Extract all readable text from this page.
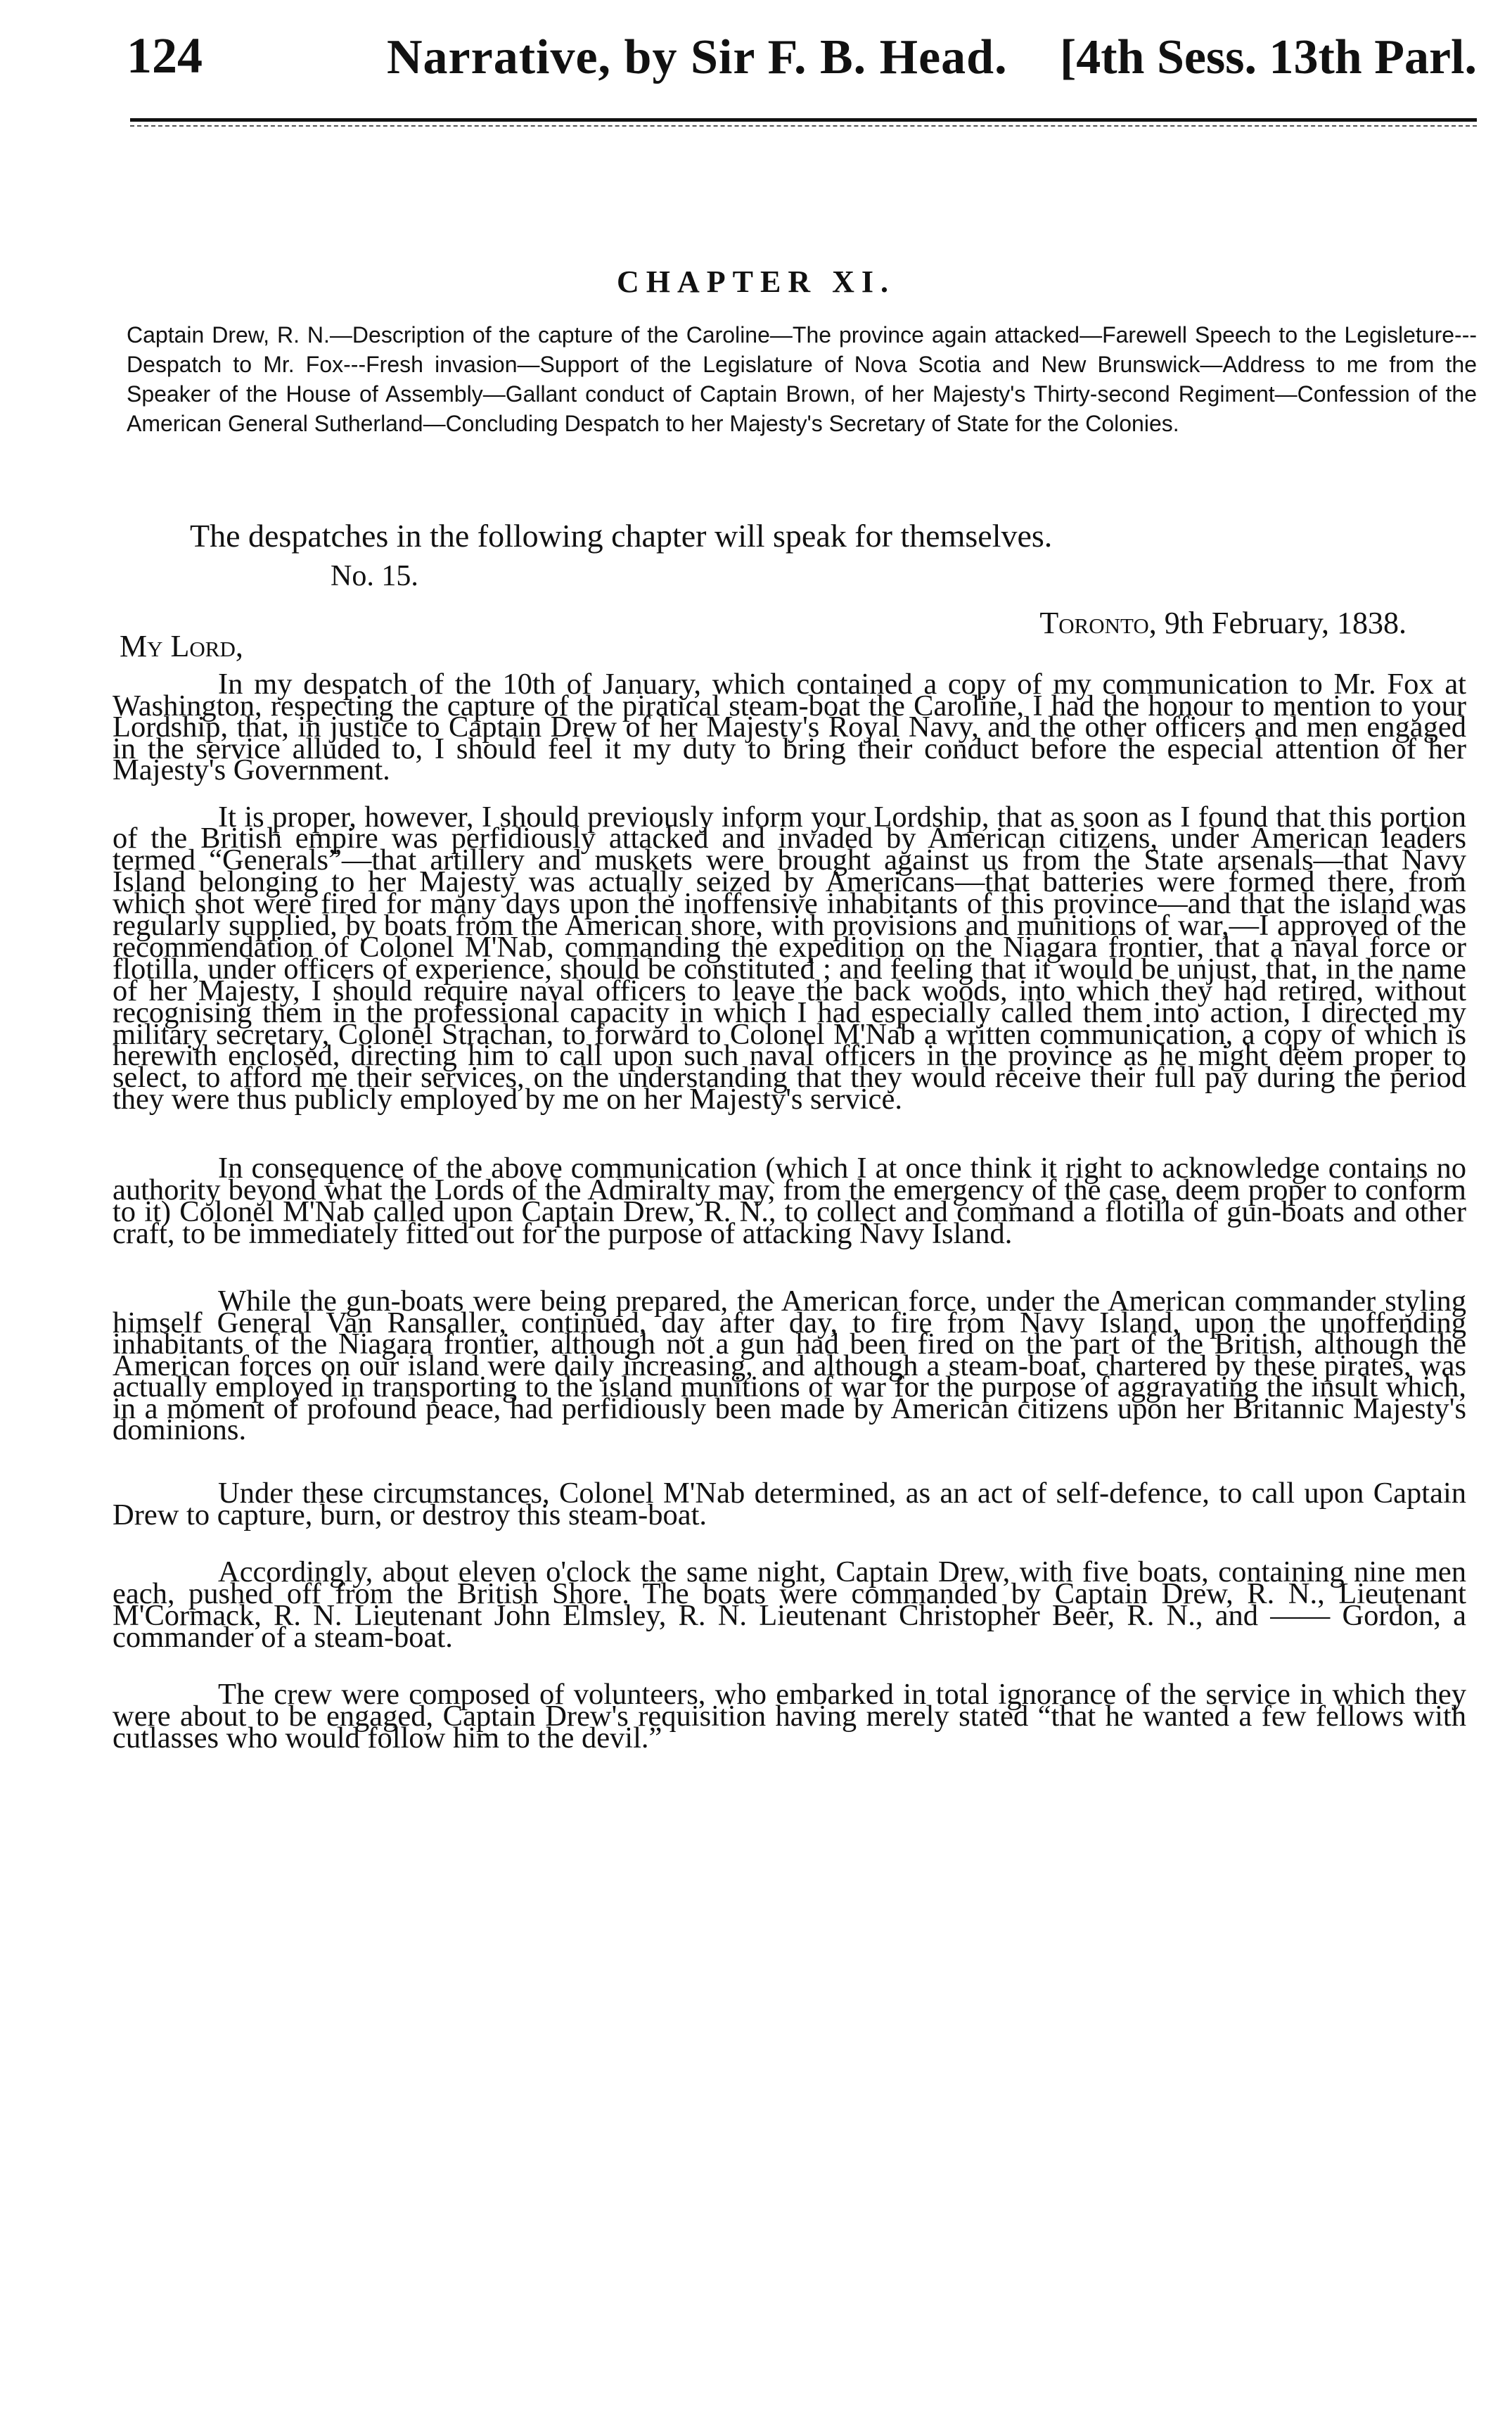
124	Narrative, by Sir F. B. Head. [4th Sess. 13th Parl.
CHAPTER XI.
Captain Drew, R. N.—Description of the capture of the Caroline—The province again attacked—Farewell Speech to the Legisleture---Despatch to Mr. Fox---Fresh invasion—Support of the Legislature of Nova Scotia and New Brunswick—Address to me from the Speaker of the House of Assembly—Gallant conduct of Captain Brown, of her Majesty's Thirty-second Regiment—Confession of the American General Sutherland—Concluding Despatch to her Majesty's Secretary of State for the Colonies.
The despatches in the following chapter will speak for themselves.
No. 15.
Toronto, 9th February, 1838.
My Lord,

In my despatch of the 10th of January, which contained a copy of my communication to Mr. Fox at Washington, respecting the capture of the piratical steam-boat the Caroline, I had the honour to mention to your Lordship, that, in justice to Captain Drew of her Majesty's Royal Navy, and the other officers and men engaged in the service alluded to, I should feel it my duty to bring their conduct before the especial attention of her Majesty's Government.

It is proper, however, I should previously inform your Lordship, that as soon as I found that this portion of the British empire was perfidiously attacked and invaded by American citizens, under American leaders termed “Generals”—that artillery and muskets were brought against us from the State arsenals—that Navy Island belonging to her Majesty was actually seized by Americans—that batteries were formed there, from which shot were fired for many days upon the inoffensive inhabitants of this province—and that the island was regularly supplied, by boats from the American shore, with provisions and munitions of war,—I approved of the recommendation of Colonel M'Nab, commanding the expedition on the Niagara frontier, that a naval force or flotilla, under officers of experience, should be constituted ; and feeling that it would be unjust, that, in the name of her Majesty, I should require naval officers to leave the back woods, into which they had retired, without recognising them in the professional capacity in which I had especially called them into action, I directed my military secretary, Colonel Strachan, to forward to Colonel M'Nab a written communication, a copy of which is herewith enclosed, directing him to call upon such naval officers in the province as he might deem proper to select, to afford me their services, on the understanding that they would receive their full pay during the period they were thus publicly employed by me on her Majesty's service.

In consequence of the above communication (which I at once think it right to acknowledge contains no authority beyond what the Lords of the Admiralty may, from the emergency of the case, deem proper to conform to it) Colonel M'Nab called upon Captain Drew, R. N., to collect and command a flotilla of gun-boats and other craft, to be immediately fitted out for the purpose of attacking Navy Island.

While the gun-boats were being prepared, the American force, under the American commander styling himself General Van Ransaller, continued, day after day, to fire from Navy Island, upon the unoffending inhabitants of the Niagara frontier, although not a gun had been fired on the part of the British, although the American forces on our island were daily increasing, and although a steam-boat, chartered by these pirates, was actually employed in transporting to the island munitions of war for the purpose of aggravating the insult which, in a moment of profound peace, had perfidiously been made by American citizens upon her Britannic Majesty's dominions.

Under these circumstances, Colonel M'Nab determined, as an act of self-defence, to call upon Captain Drew to capture, burn, or destroy this steam-boat.

Accordingly, about eleven o'clock the same night, Captain Drew, with five boats, containing nine men each, pushed off from the British Shore. The boats were commanded by Captain Drew, R. N., Lieutenant M'Cormack, R. N. Lieutenant John Elmsley, R. N. Lieutenant Christopher Beer, R. N., and —— Gordon, a commander of a steam-boat.

The crew were composed of volunteers, who embarked in total ignorance of the service in which they were about to be engaged, Captain Drew's requisition having merely stated “that he wanted a few fellows with cutlasses who would follow him to the devil.”
